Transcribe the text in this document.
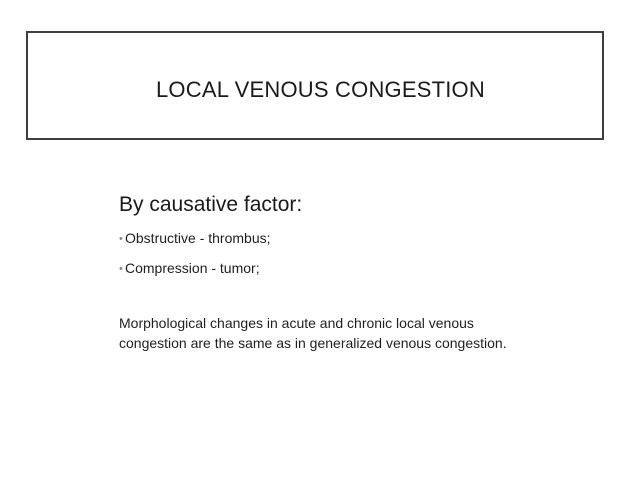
LOCAL VENOUS CONGESTION
By causative factor:
• Obstructive - thrombus;
• Compression - tumor;
Morphological changes in acute and chronic local venous congestion are the same as in generalized venous congestion.
